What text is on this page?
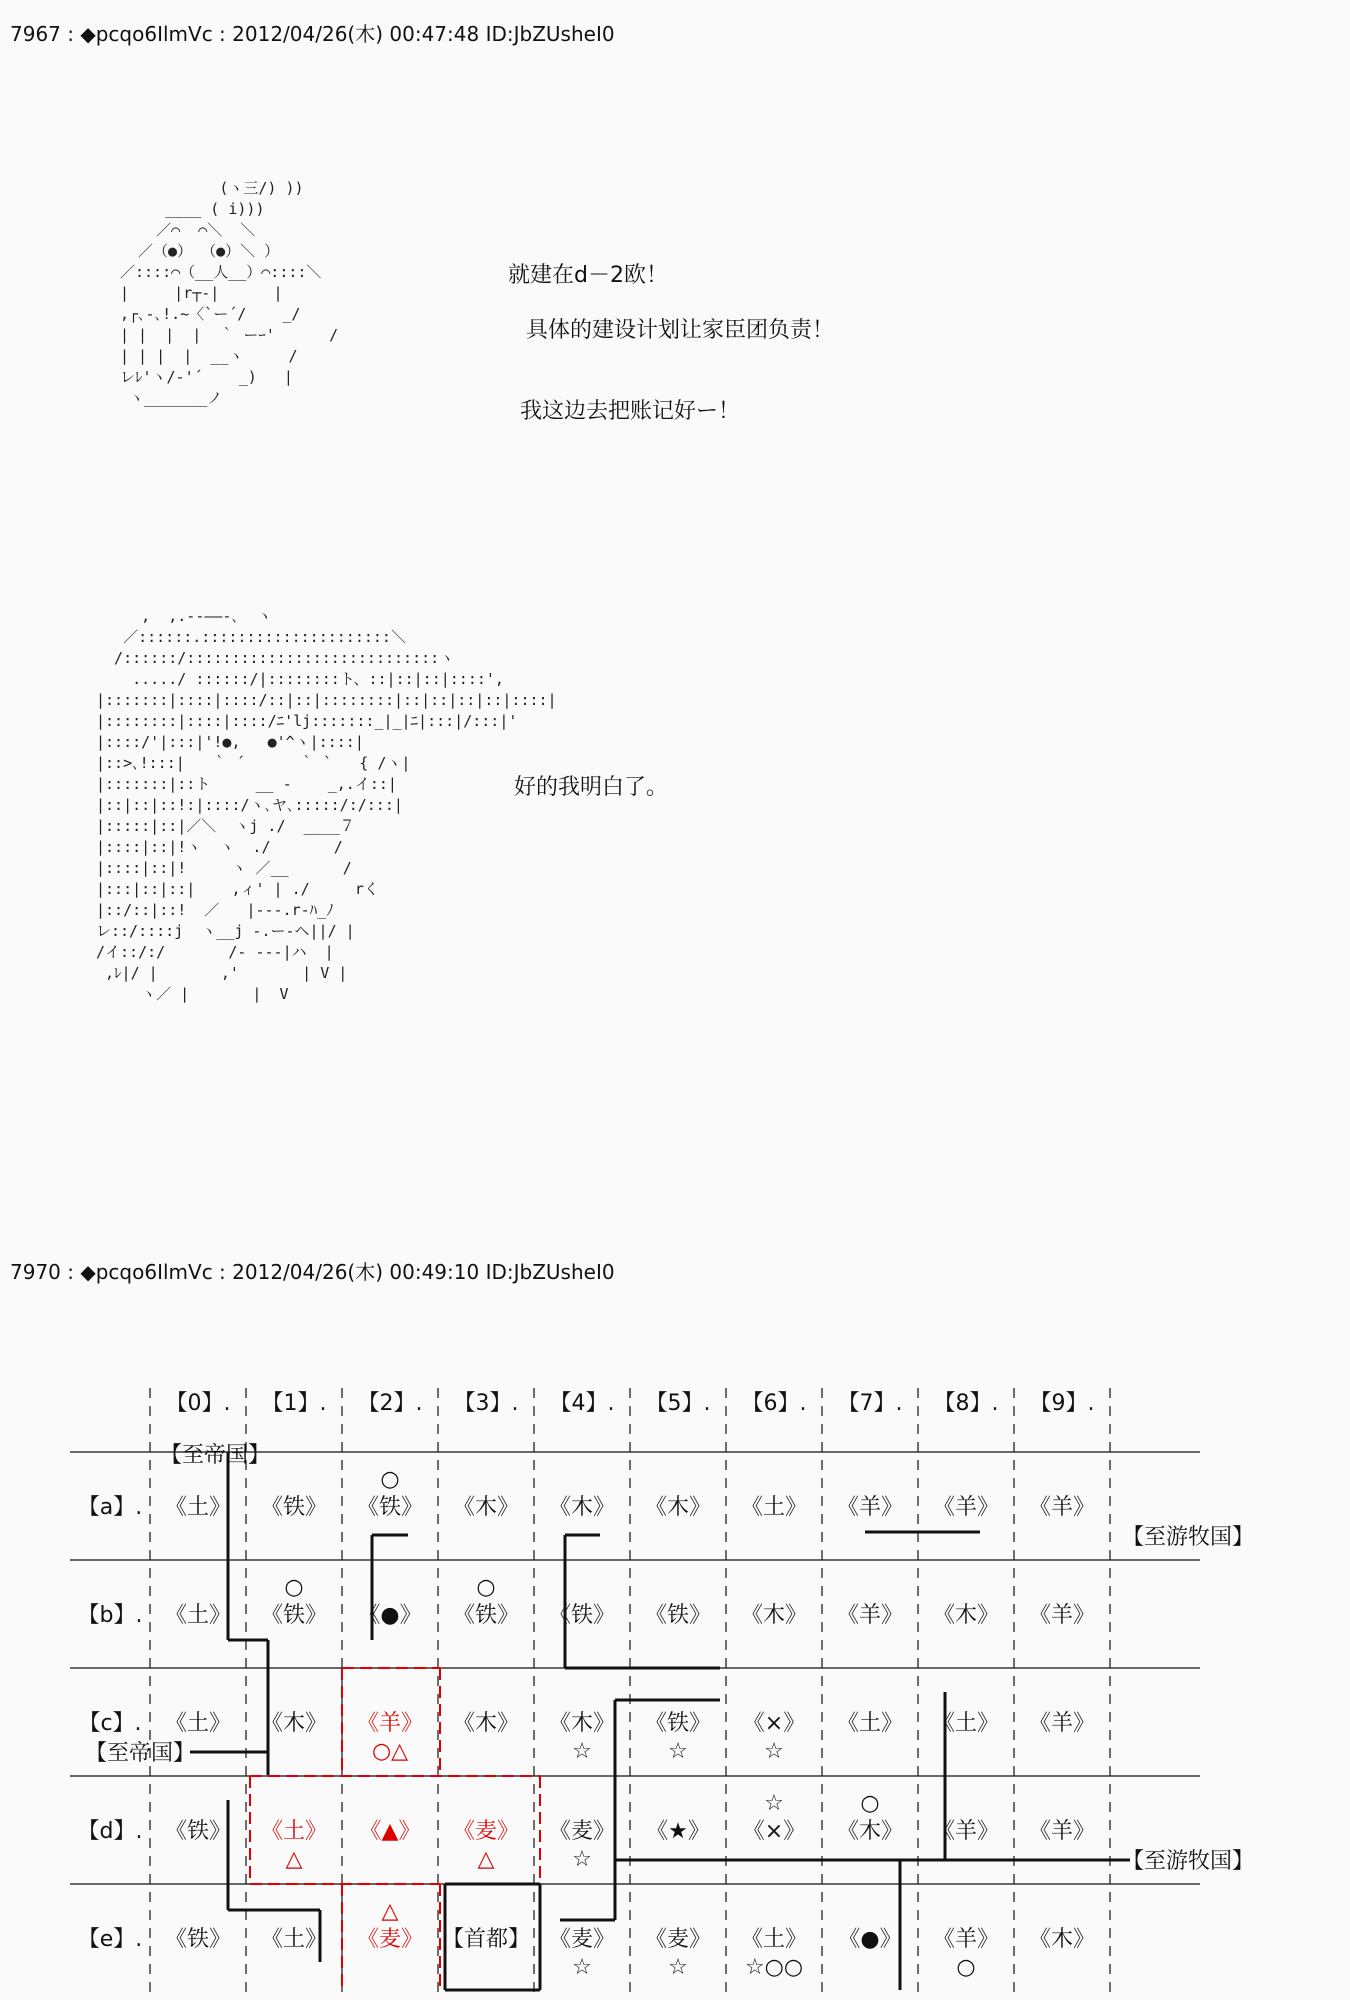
7967 : ◆pcqo6IlmVc : 2012/04/26(木) 00:47:48 ID:JbZUsheI0
(ヽ三/) ))
____ ( i)))
／⌒  ⌒＼  ＼
／（●） （●）＼ ）
／::::⌒（__人__）⌒::::＼
|     |r┬-|      |
,┌､-､!.~〈`ー´/    _/
| |  |  |  ｀ ーｰ'      /
| | |  |  __ヽ     /
レﾚ'ヽ/‐'´    _)   |
ヽ_______ノ
就建在d－2欧！
具体的建设计划让家臣团负责！
我这边去把账记好ー！
,  ,.-‐――-､  ヽ
／::::::.:::::::::::::::::::::＼
/::::::/::::::::::::::::::::::::::::ヽ
...../ ::::::/|::::::::ト、::|::|::|::::',
|:::::::|::::|::::/::|::|::::::::|::|::|::|::|::::|
|::::::::|::::|::::/ﾆ'lj:::::::_|_|ﾆ|:::|/:::|'
|::::/'|:::|'!●,   ●'^ヽ|::::|
|::>､!:::|   ｀ ´      ｀ `   { /ヽ|
|:::::::|::ト     __ -    _,.イ::|
|::|::|::!:|::::/ヽ､ヤ､:::::/:/:::|
|:::::|::|／＼  ヽj ./  ____７
|::::|::|!ヽ  ヽ  ./       /
|::::|::|!     ヽ ／__      /
|:::|::|::|    ,ィ' | ./     rく
|::/::|::!  ／   |‐‐‐.r‐ﾊ_ﾉ
レ::/::::j  ヽ__j -.ー‐ヘ||/ |
/イ::/:/       /‐ ‐‐‐|ハ  |
,ﾚ|/ |       ,'       | V |
ヽ／ |       |  V
好的我明白了。
7970 : ◆pcqo6IlmVc : 2012/04/26(木) 00:49:10 ID:JbZUsheI0
【0】. 【1】. 【2】. 【3】. 【4】. 【5】. 【6】. 【7】. 【8】. 【9】.
【a】. 《土》 《铁》 《铁》
○
《木》 《木》 《木》 《土》 《羊》 《羊》 《羊》
【b】. 《土》 《铁》
○
《●》 《铁》
○
《铁》 《铁》 《木》 《羊》 《木》 《羊》
【c】. 《土》 《木》 《羊》
○△
《木》 《木》
☆
《铁》
☆
《×》
☆
《土》 《土》 《羊》
【d】. 《铁》 《土》
△
《▲》 《麦》
△
《麦》
☆
《★》 《×》
☆
《木》
○
《羊》 《羊》
【e】. 《铁》 《土》 《麦》
△
【首都】 《麦》
☆
《麦》
☆
《土》
☆○○
《●》 《羊》
○
《木》
【至帝国】
【至帝国】
【至游牧国】
【至游牧国】
